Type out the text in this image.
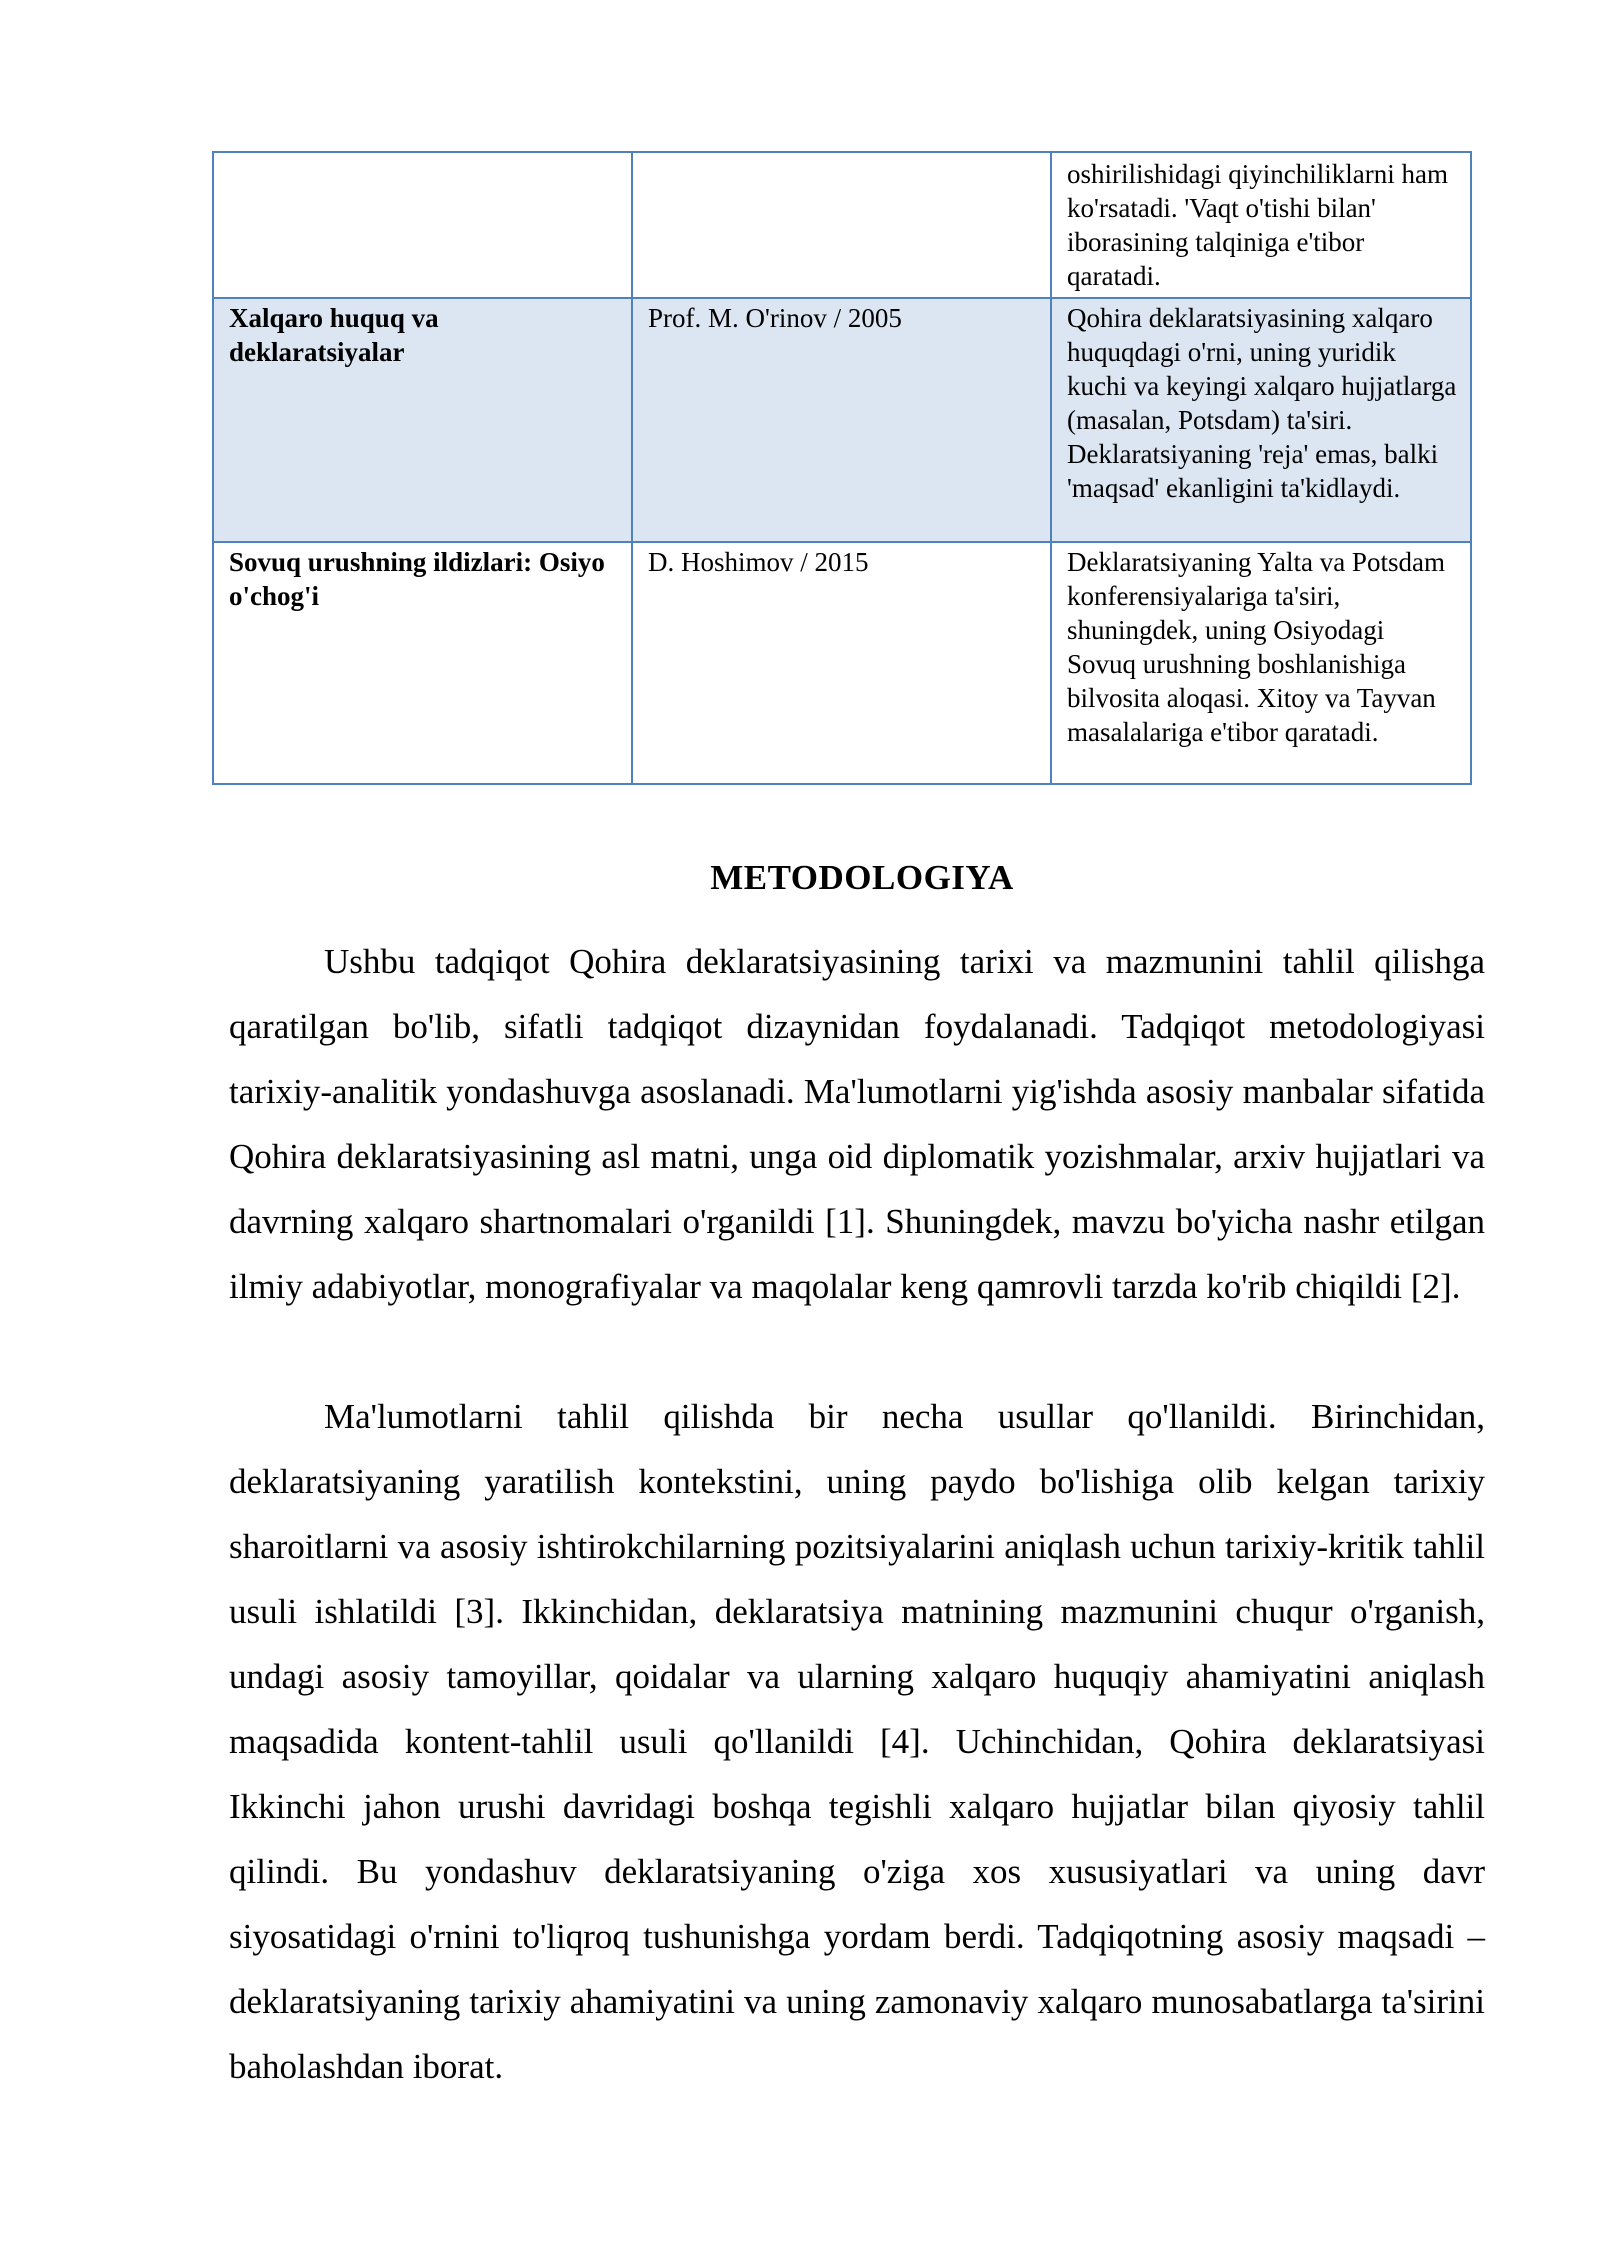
		oshirilishidagi qiyinchiliklarni ham ko'rsatadi. 'Vaqt o'tishi bilan' iborasining talqiniga e'tibor qaratadi.
Xalqaro huquq va deklaratsiyalar	Prof. M. O'rinov / 2005	Qohira deklaratsiyasining xalqaro huquqdagi o'rni, uning yuridik kuchi va keyingi xalqaro hujjatlarga (masalan, Potsdam) ta'siri. Deklaratsiyaning 'reja' emas, balki 'maqsad' ekanligini ta'kidlaydi.
Sovuq urushning ildizlari: Osiyo o'chog'i	D. Hoshimov / 2015	Deklaratsiyaning Yalta va Potsdam konferensiyalariga ta'siri, shuningdek, uning Osiyodagi Sovuq urushning boshlanishiga bilvosita aloqasi. Xitoy va Tayvan masalalariga e'tibor qaratadi.
METODOLOGIYA

Ushbu tadqiqot Qohira deklaratsiyasining tarixi va mazmunini tahlil qilishga qaratilgan bo'lib, sifatli tadqiqot dizaynidan foydalanadi. Tadqiqot metodologiyasi tarixiy-analitik yondashuvga asoslanadi. Ma'lumotlarni yig'ishda asosiy manbalar sifatida Qohira deklaratsiyasining asl matni, unga oid diplomatik yozishmalar, arxiv hujjatlari va davrning xalqaro shartnomalari o'rganildi [1]. Shuningdek, mavzu bo'yicha nashr etilgan ilmiy adabiyotlar, monografiyalar va maqolalar keng qamrovli tarzda ko'rib chiqildi [2].

Ma'lumotlarni tahlil qilishda bir necha usullar qo'llanildi. Birinchidan, deklaratsiyaning yaratilish kontekstini, uning paydo bo'lishiga olib kelgan tarixiy sharoitlarni va asosiy ishtirokchilarning pozitsiyalarini aniqlash uchun tarixiy-kritik tahlil usuli ishlatildi [3]. Ikkinchidan, deklaratsiya matnining mazmunini chuqur o'rganish, undagi asosiy tamoyillar, qoidalar va ularning xalqaro huquqiy ahamiyatini aniqlash maqsadida kontent-tahlil usuli qo'llanildi [4]. Uchinchidan, Qohira deklaratsiyasi Ikkinchi jahon urushi davridagi boshqa tegishli xalqaro hujjatlar bilan qiyosiy tahlil qilindi. Bu yondashuv deklaratsiyaning o'ziga xos xususiyatlari va uning davr siyosatidagi o'rnini to'liqroq tushunishga yordam berdi. Tadqiqotning asosiy maqsadi – deklaratsiyaning tarixiy ahamiyatini va uning zamonaviy xalqaro munosabatlarga ta'sirini baholashdan iborat.
